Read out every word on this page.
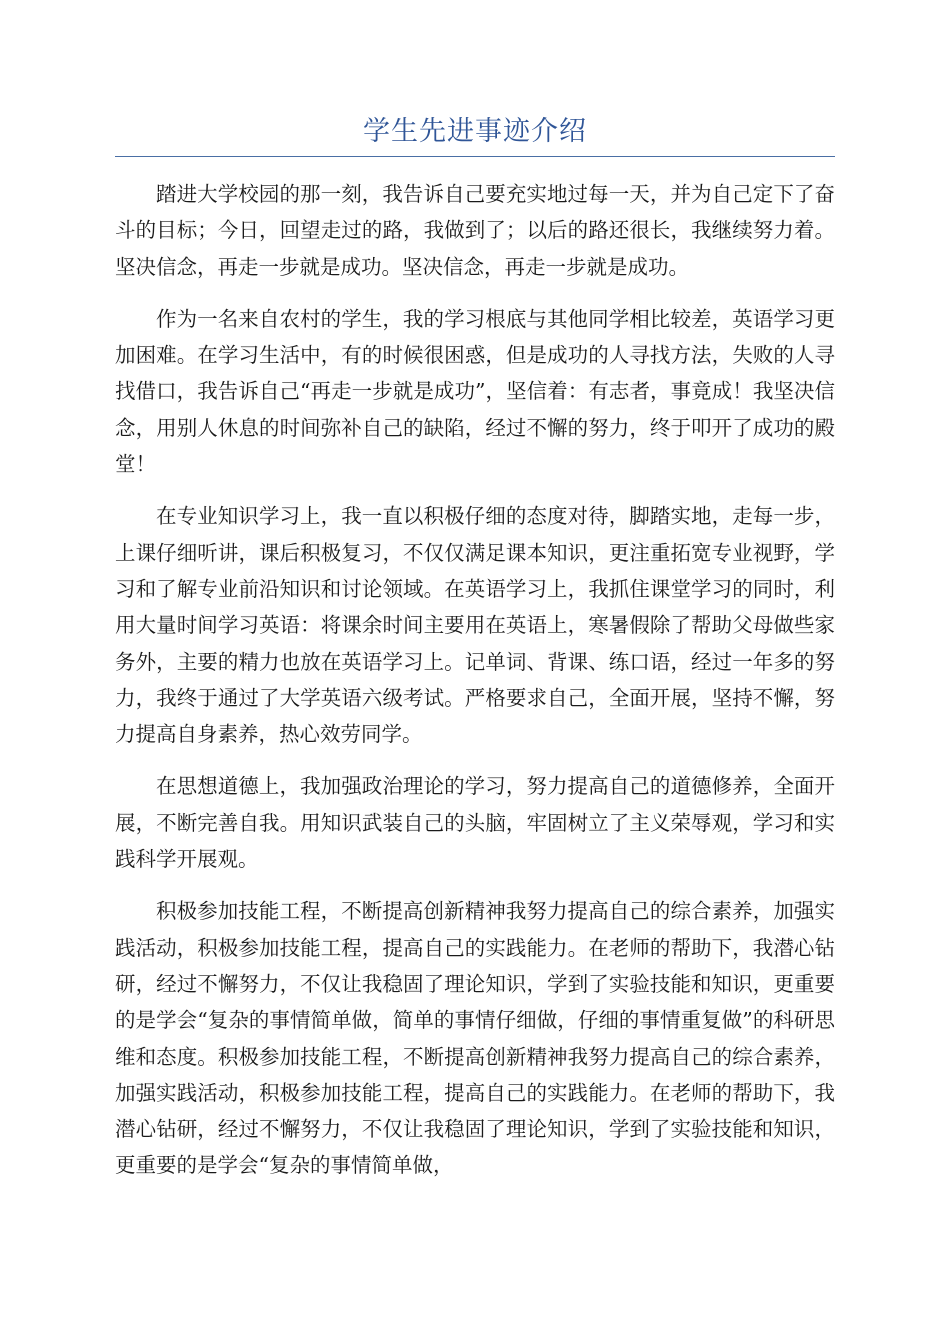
学生先进事迹介绍

踏进大学校园的那一刻，我告诉自己要充实地过每一天，并为自己定下了奋斗的目标；今日，回望走过的路，我做到了；以后的路还很长，我继续努力着。坚决信念，再走一步就是成功。坚决信念，再走一步就是成功。

作为一名来自农村的学生，我的学习根底与其他同学相比较差，英语学习更加困难。在学习生活中，有的时候很困惑，但是成功的人寻找方法，失败的人寻找借口，我告诉自己“再走一步就是成功”，坚信着：有志者，事竟成！我坚决信念，用别人休息的时间弥补自己的缺陷，经过不懈的努力，终于叩开了成功的殿堂！

在专业知识学习上，我一直以积极仔细的态度对待，脚踏实地，走每一步，上课仔细听讲，课后积极复习，不仅仅满足课本知识，更注重拓宽专业视野，学习和了解专业前沿知识和讨论领域。在英语学习上，我抓住课堂学习的同时，利用大量时间学习英语：将课余时间主要用在英语上，寒暑假除了帮助父母做些家务外，主要的精力也放在英语学习上。记单词、背课、练口语，经过一年多的努力，我终于通过了大学英语六级考试。严格要求自己，全面开展，坚持不懈，努力提高自身素养，热心效劳同学。

在思想道德上，我加强政治理论的学习，努力提高自己的道德修养，全面开展，不断完善自我。用知识武装自己的头脑，牢固树立了主义荣辱观，学习和实践科学开展观。

积极参加技能工程，不断提高创新精神我努力提高自己的综合素养，加强实践活动，积极参加技能工程，提高自己的实践能力。在老师的帮助下，我潜心钻研，经过不懈努力，不仅让我稳固了理论知识，学到了实验技能和知识，更重要的是学会“复杂的事情简单做，简单的事情仔细做，仔细的事情重复做”的科研思维和态度。积极参加技能工程，不断提高创新精神我努力提高自己的综合素养，加强实践活动，积极参加技能工程，提高自己的实践能力。在老师的帮助下，我潜心钻研，经过不懈努力，不仅让我稳固了理论知识，学到了实验技能和知识，更重要的是学会“复杂的事情简单做，
